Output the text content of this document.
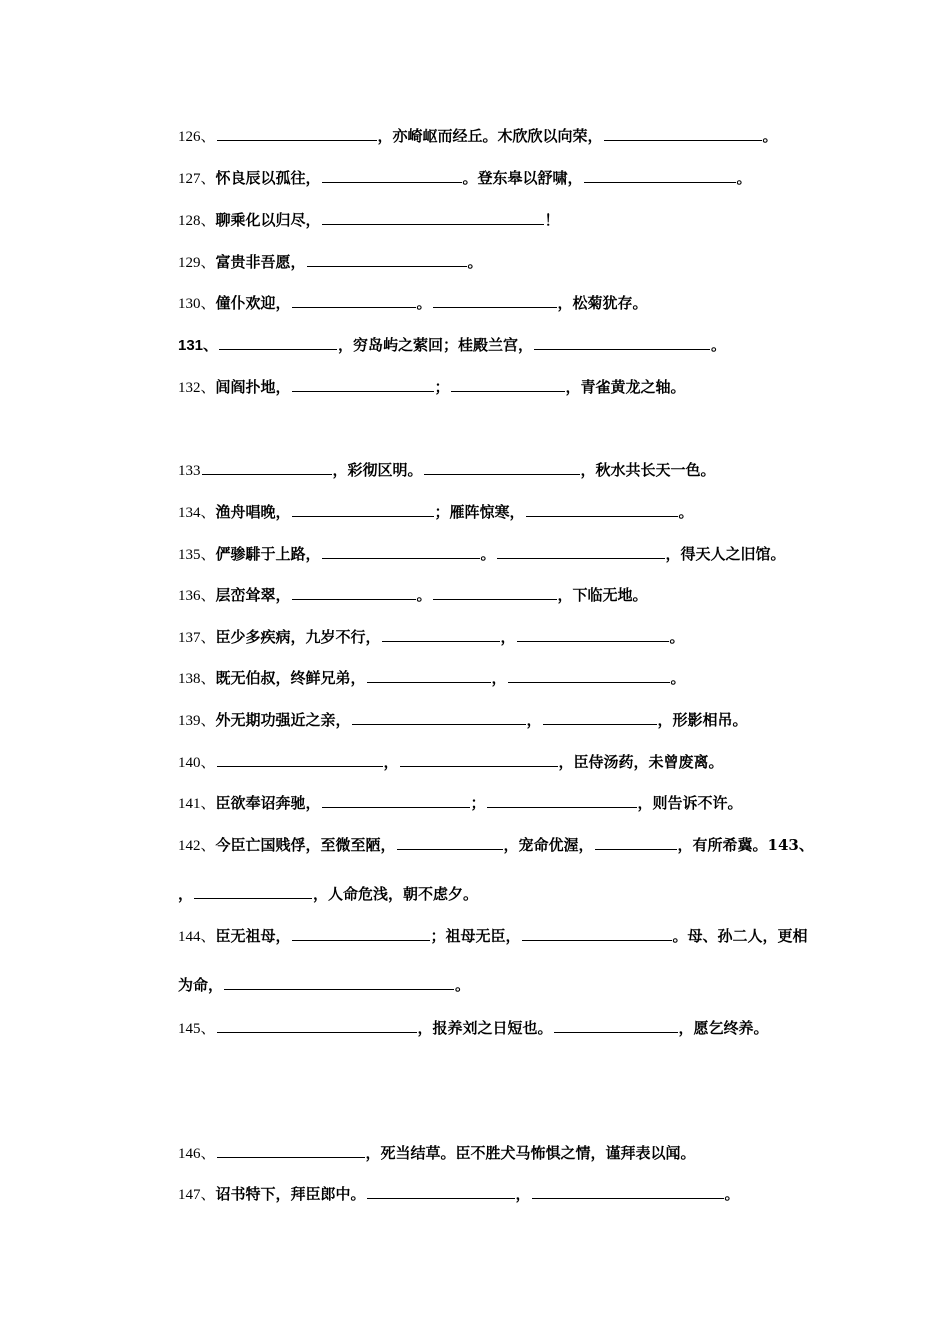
126、	，亦崎岖而经丘。木欣欣以向荣，	。
127、怀良辰以孤往，	。登东皋以舒啸，	。
128、聊乘化以归尽，	！
129、富贵非吾愿，	。
130、僮仆欢迎，	。	，松菊犹存。
131、	，穷岛屿之萦回；桂殿兰宫，	。
132、闾阎扑地，	；	，青雀黄龙之轴。
133	，彩彻区明。	，秋水共长天一色。
134、渔舟唱晚，	；雁阵惊寒，	。
135、俨骖騑于上路，	。	，得天人之旧馆。
136、层峦耸翠，	。	，下临无地。
137、臣少多疾病，九岁不行，	，	。
138、既无伯叔，终鲜兄弟，	，	。
139、外无期功强近之亲，	，	，形影相吊。
140、	，	，臣侍汤药，未曾废离。
141、臣欲奉诏奔驰，	；	，则告诉不许。
142、今臣亡国贱俘，至微至陋，	，宠命优渥，	，有所希冀。143、
，	，人命危浅，朝不虑夕。
144、臣无祖母，	；祖母无臣，	。母、孙二人，更相
为命，	。
145、	，报养刘之日短也。	，愿乞终养。
146、	，死当结草。臣不胜犬马怖惧之情，谨拜表以闻。
147、诏书特下，拜臣郎中。	，	。
